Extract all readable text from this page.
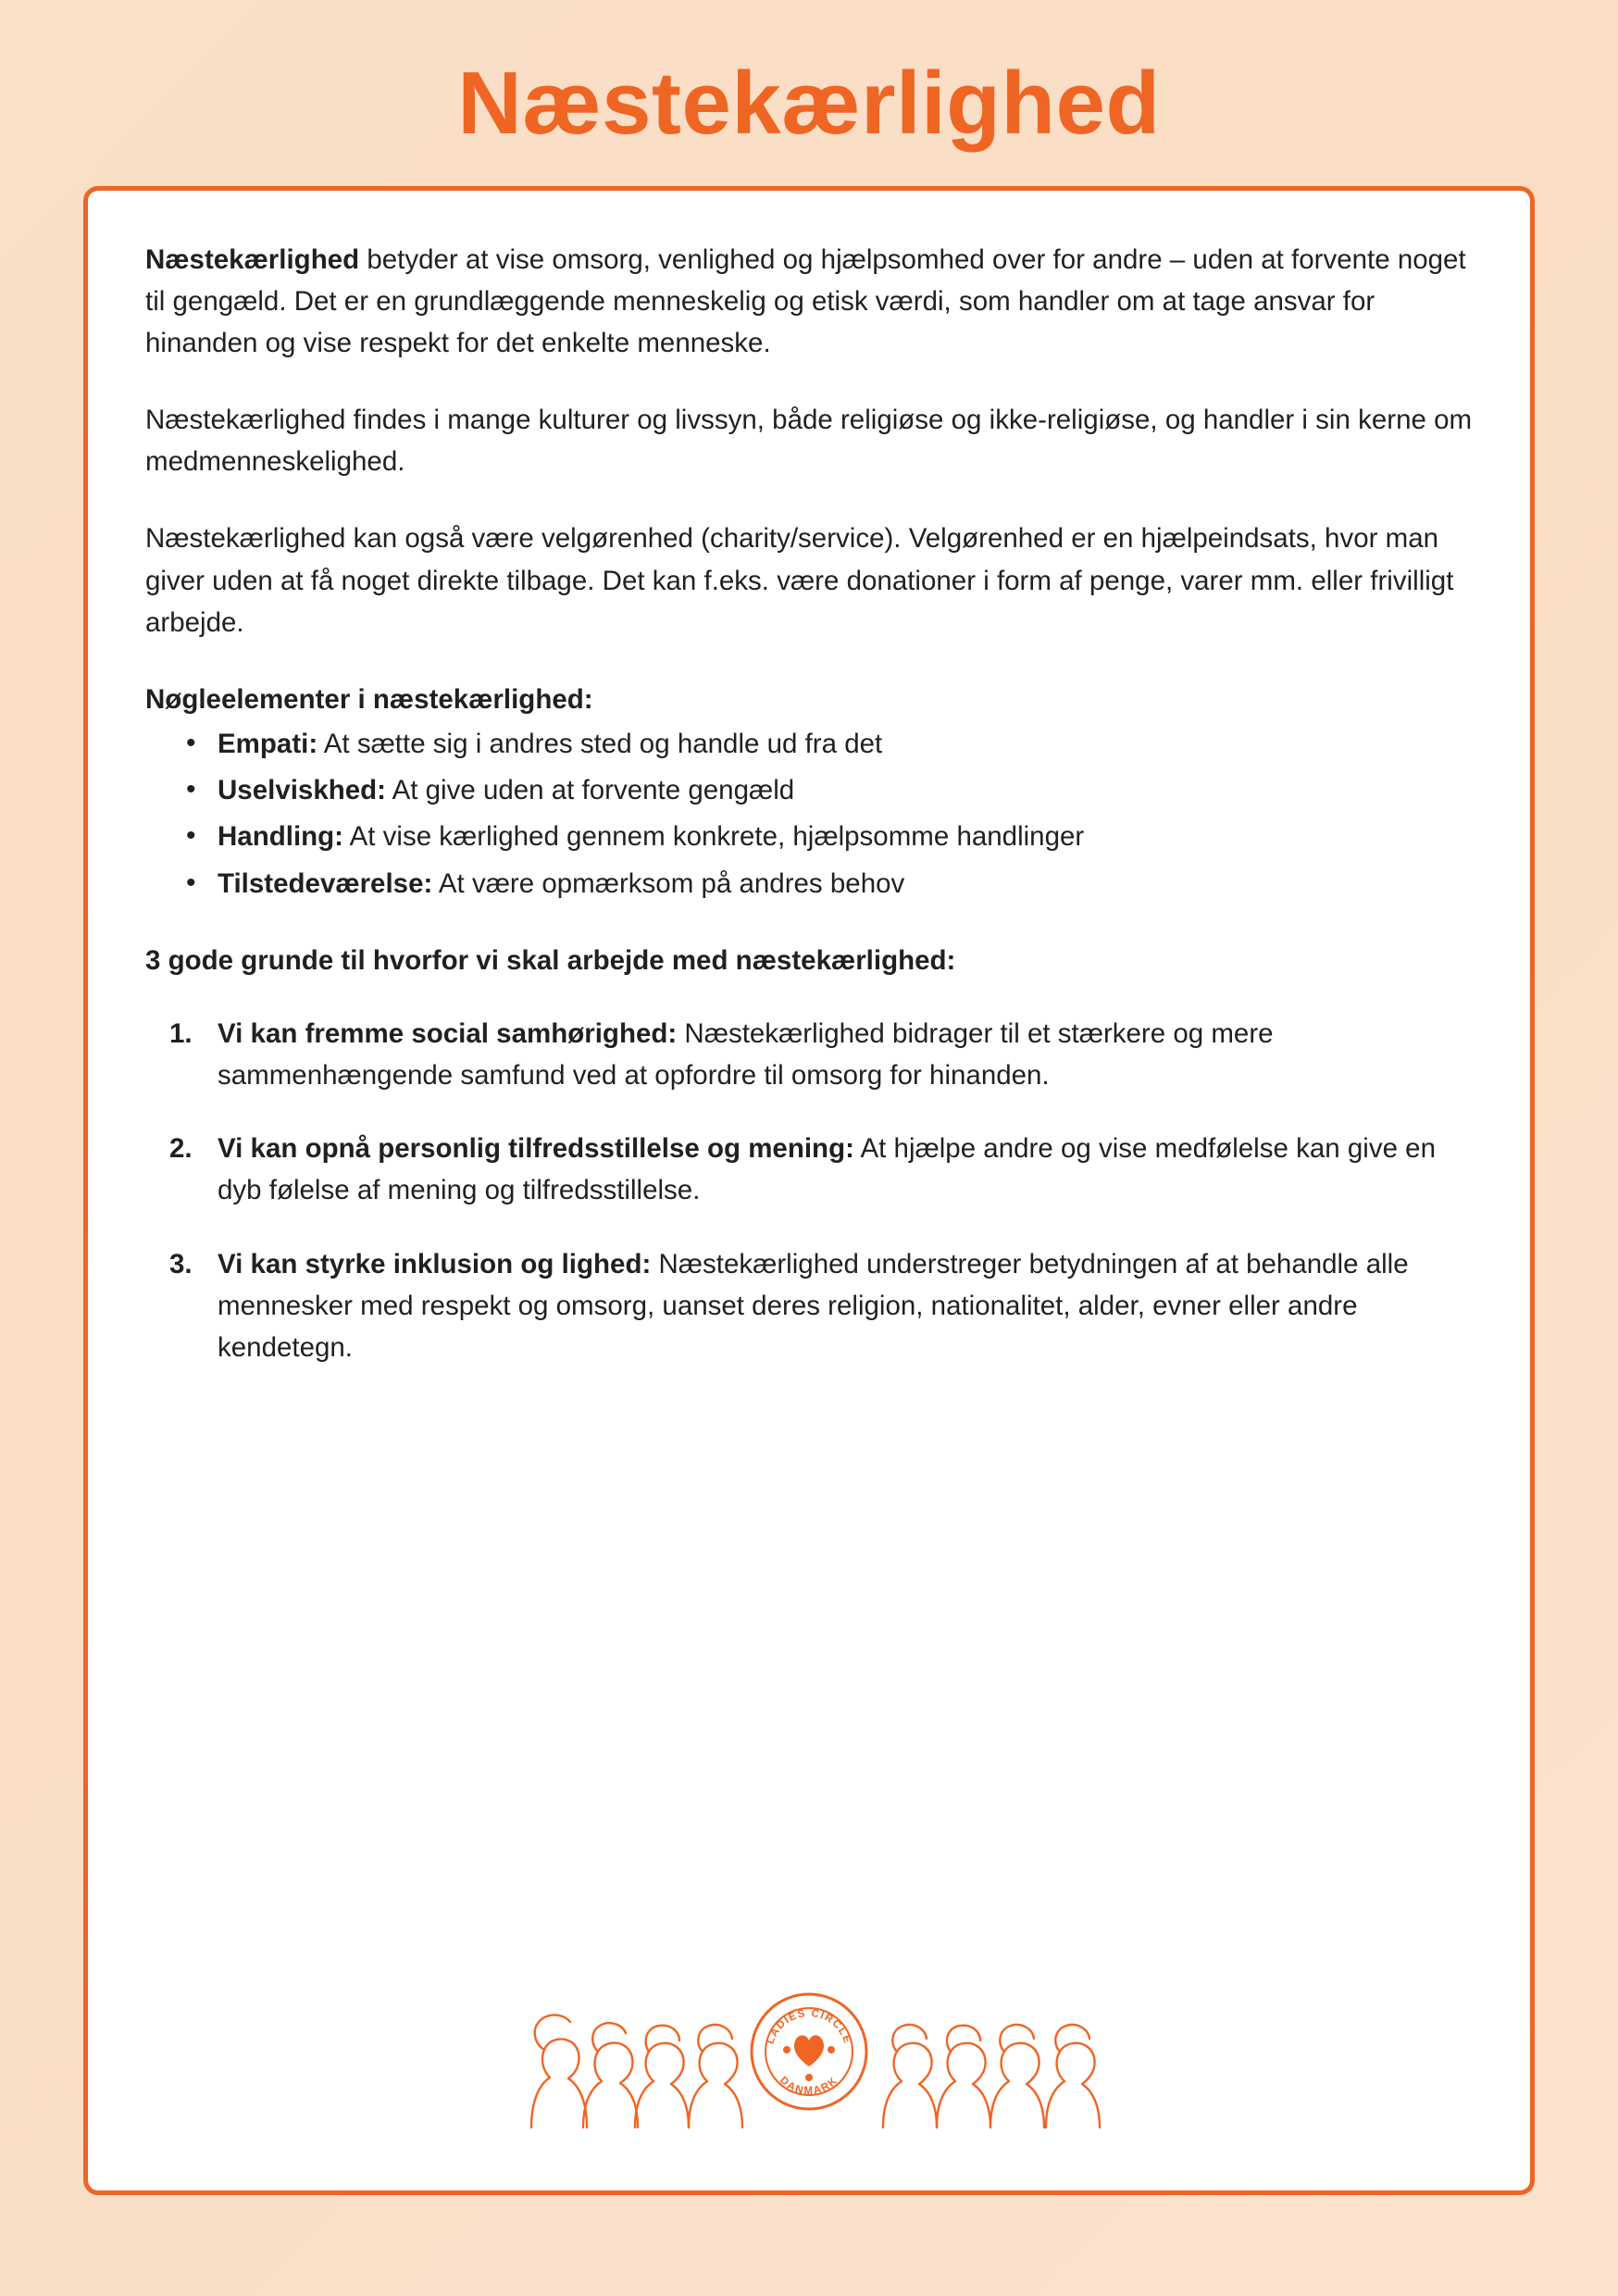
Næstekærlighed

Næstekærlighed betyder at vise omsorg, venlighed og hjælpsomhed over for andre – uden at forvente noget til gengæld. Det er en grundlæggende menneskelig og etisk værdi, som handler om at tage ansvar for hinanden og vise respekt for det enkelte menneske.

Næstekærlighed findes i mange kulturer og livssyn, både religiøse og ikke-religiøse, og handler i sin kerne om medmenneskelighed.

Næstekærlighed kan også være velgørenhed (charity/service). Velgørenhed er en hjælpeindsats, hvor man giver uden at få noget direkte tilbage. Det kan f.eks. være donationer i form af penge, varer mm. eller frivilligt arbejde.

Nøgleelementer i næstekærlighed:

• Empati: At sætte sig i andres sted og handle ud fra det
• Uselviskhed: At give uden at forvente gengæld
• Handling: At vise kærlighed gennem konkrete, hjælpsomme handlinger
• Tilstedeværelse: At være opmærksom på andres behov

3 gode grunde til hvorfor vi skal arbejde med næstekærlighed:

Vi kan fremme social samhørighed: Næstekærlighed bidrager til et stærkere og mere sammenhængende samfund ved at opfordre til omsorg for hinanden.
Vi kan opnå personlig tilfredsstillelse og mening: At hjælpe andre og vise medfølelse kan give en dyb følelse af mening og tilfredsstillelse.
Vi kan styrke inklusion og lighed: Næstekærlighed understreger betydningen af at behandle alle mennesker med respekt og omsorg, uanset deres religion, nationalitet, alder, evner eller andre kendetegn.
LADIES CIRCLE
DANMARK
